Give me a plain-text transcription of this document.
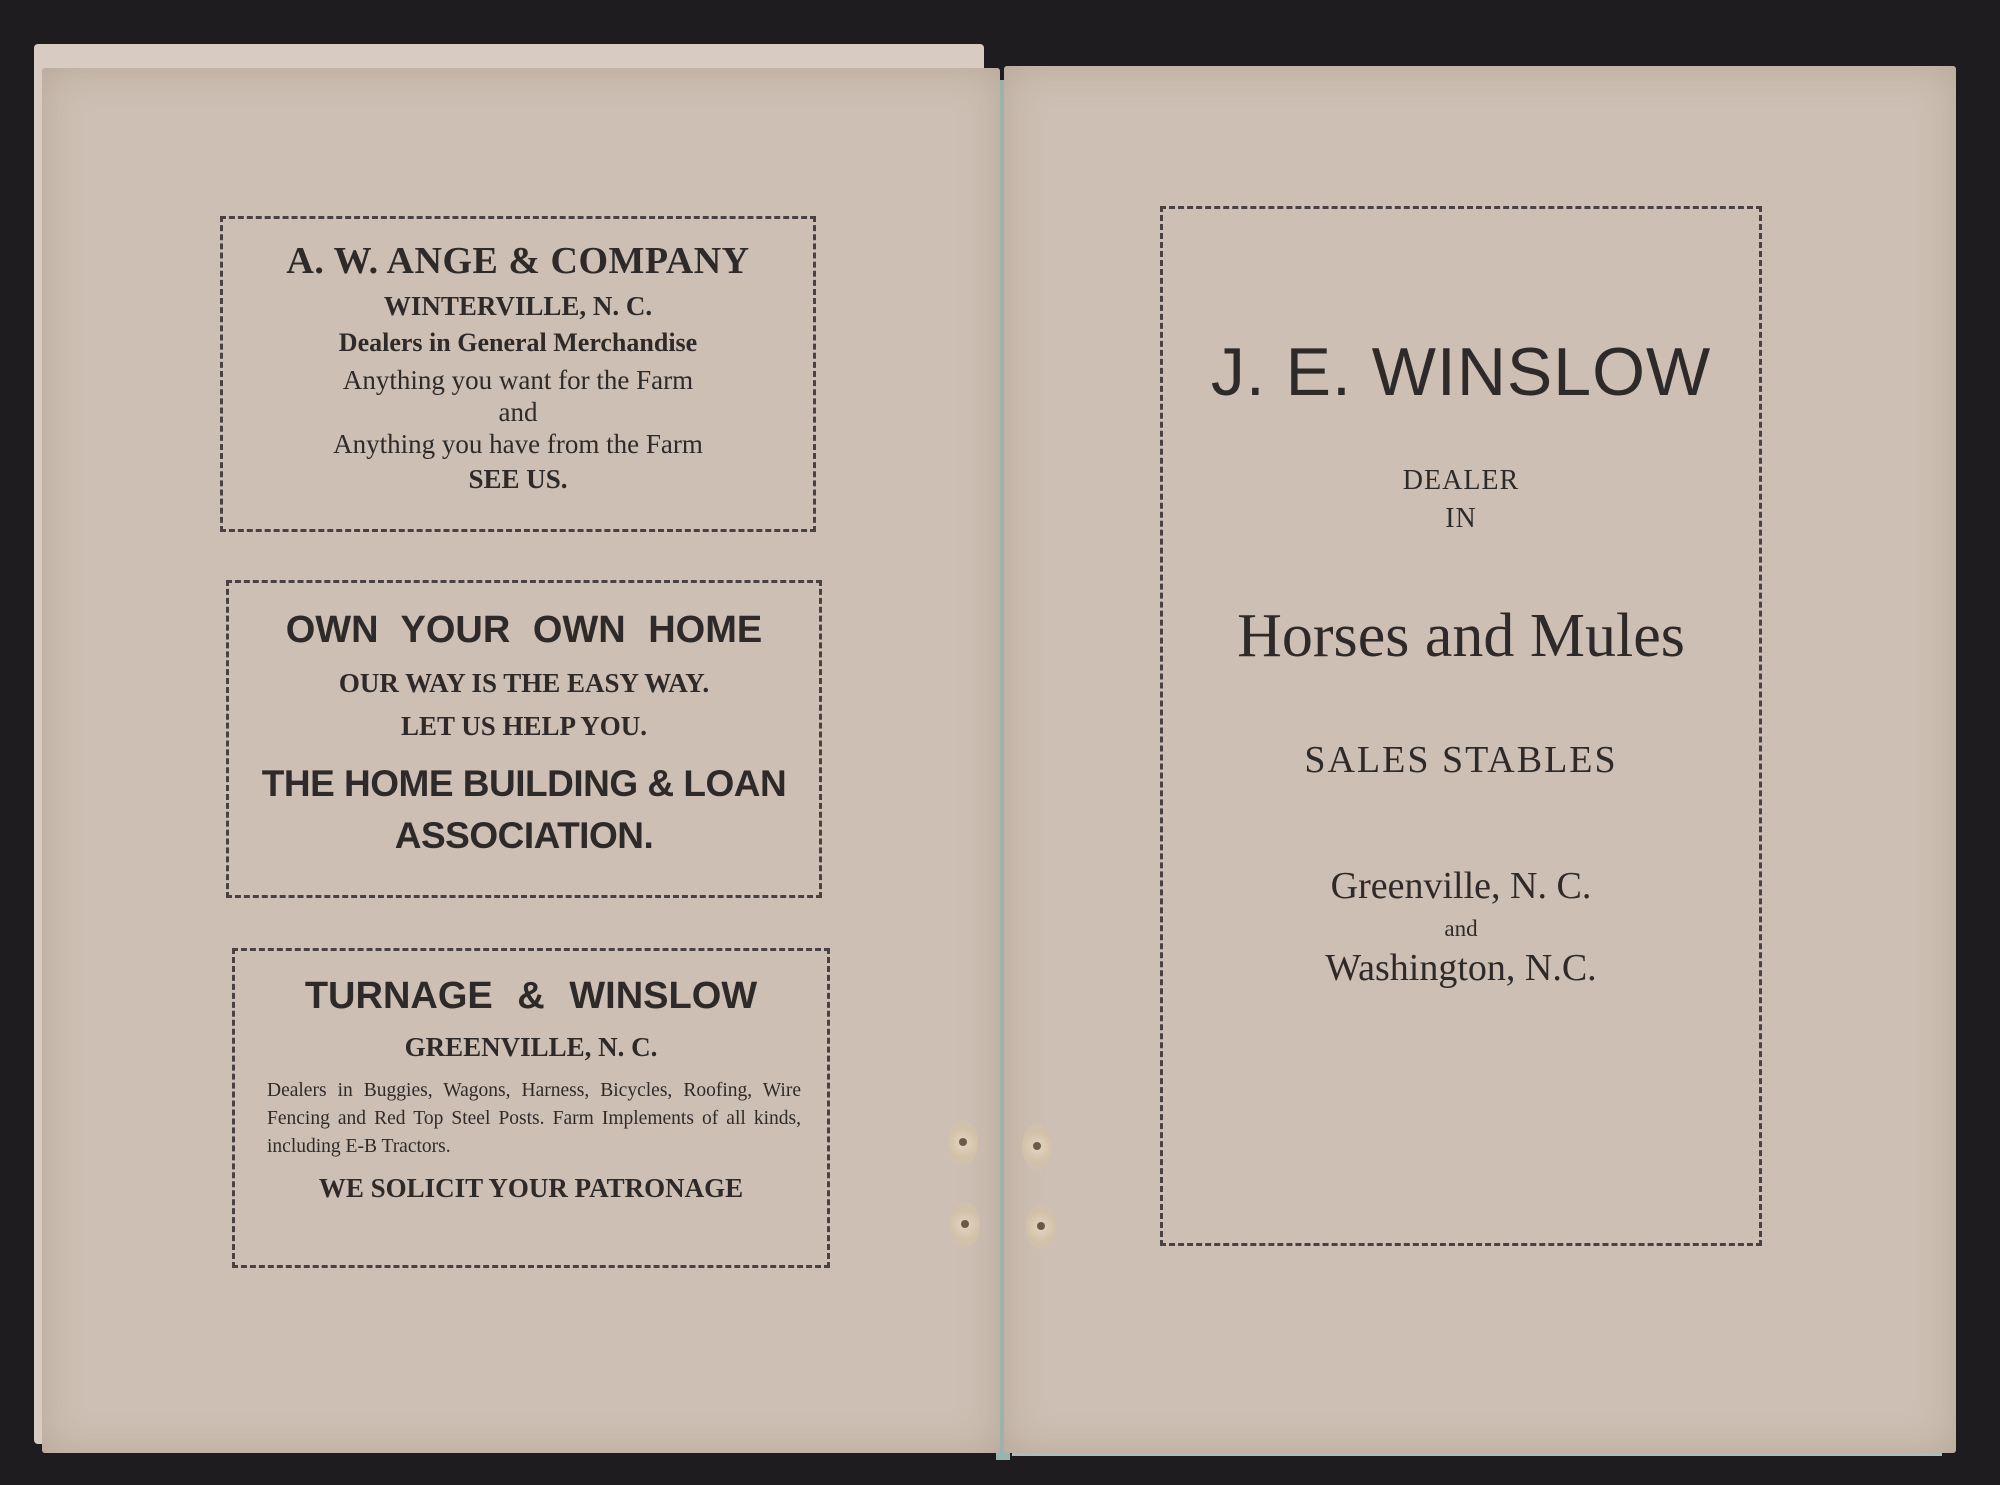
A. W. ANGE & COMPANY

WINTERVILLE, N. C.

Dealers in General Merchandise

Anything you want for the Farm

and

Anything you have from the Farm

SEE US.

OWN YOUR OWN HOME

OUR WAY IS THE EASY WAY.

LET US HELP YOU.

THE HOME BUILDING & LOAN
ASSOCIATION.

TURNAGE & WINSLOW

GREENVILLE, N. C.

Dealers in Buggies, Wagons, Harness, Bicycles, Roofing, Wire Fencing and Red Top Steel Posts. Farm Implements of all kinds, including E-B Tractors.

WE SOLICIT YOUR PATRONAGE

J. E. WINSLOW

DEALER

IN

Horses and Mules

SALES STABLES

Greenville, N. C.

and

Washington, N.C.
